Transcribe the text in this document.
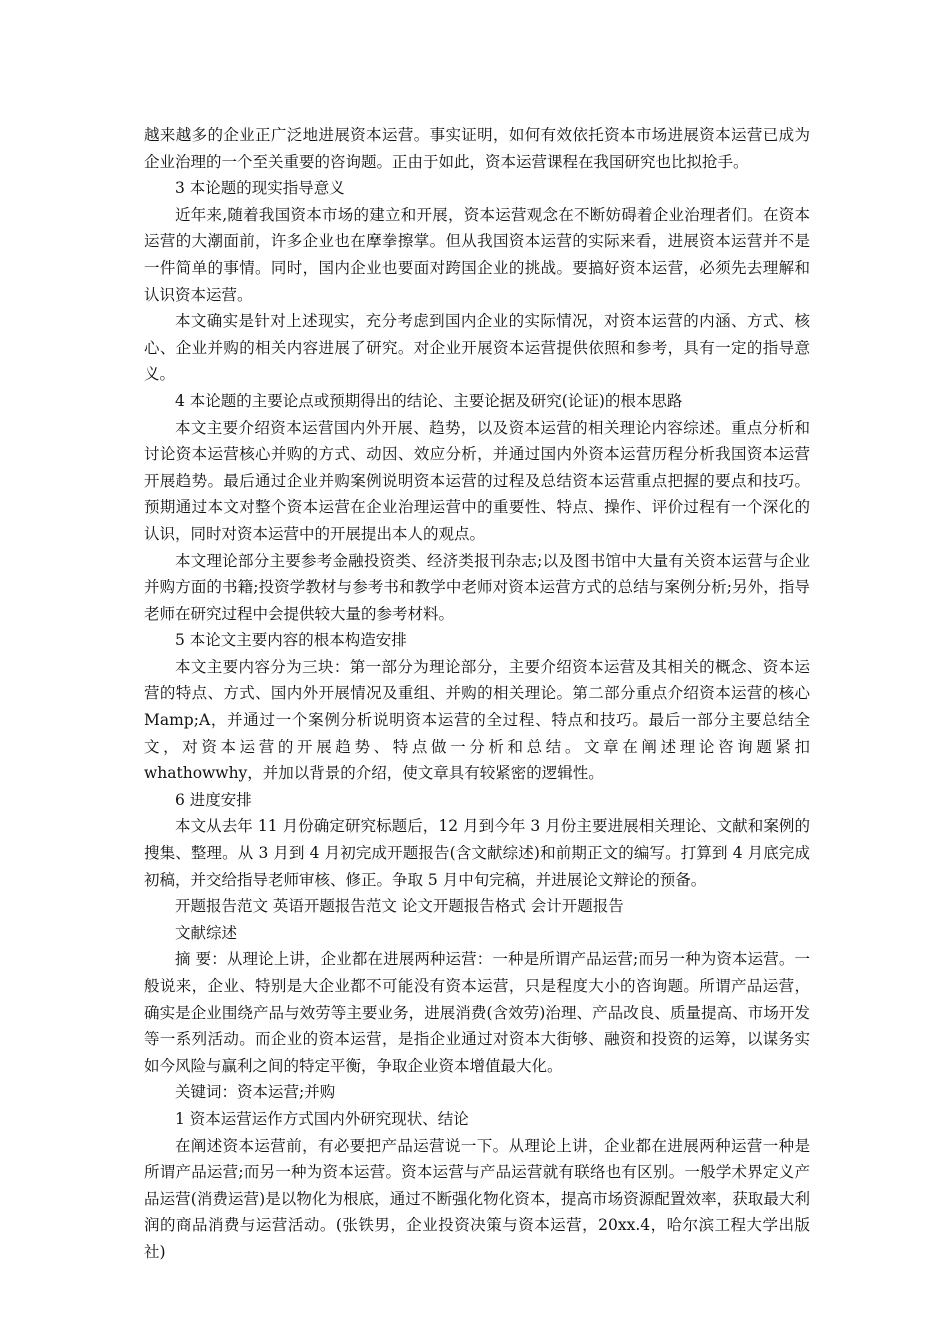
越来越多的企业正广泛地进展资本运营。事实证明，如何有效依托资本市场进展资本运营已成为企业治理的一个至关重要的咨询题。正由于如此，资本运营课程在我国研究也比拟抢手。

3 本论题的现实指导意义

近年来,随着我国资本市场的建立和开展，资本运营观念在不断妨碍着企业治理者们。在资本运营的大潮面前，许多企业也在摩拳擦掌。但从我国资本运营的实际来看，进展资本运营并不是一件简单的事情。同时，国内企业也要面对跨国企业的挑战。要搞好资本运营，必须先去理解和认识资本运营。

本文确实是针对上述现实，充分考虑到国内企业的实际情况，对资本运营的内涵、方式、核心、企业并购的相关内容进展了研究。对企业开展资本运营提供依照和参考，具有一定的指导意义。

4 本论题的主要论点或预期得出的结论、主要论据及研究(论证)的根本思路

本文主要介绍资本运营国内外开展、趋势，以及资本运营的相关理论内容综述。重点分析和讨论资本运营核心并购的方式、动因、效应分析，并通过国内外资本运营历程分析我国资本运营开展趋势。最后通过企业并购案例说明资本运营的过程及总结资本运营重点把握的要点和技巧。预期通过本文对整个资本运营在企业治理运营中的重要性、特点、操作、评价过程有一个深化的认识，同时对资本运营中的开展提出本人的观点。

本文理论部分主要参考金融投资类、经济类报刊杂志;以及图书馆中大量有关资本运营与企业并购方面的书籍;投资学教材与参考书和教学中老师对资本运营方式的总结与案例分析;另外，指导老师在研究过程中会提供较大量的参考材料。

5 本论文主要内容的根本构造安排

本文主要内容分为三块：第一部分为理论部分，主要介绍资本运营及其相关的概念、资本运营的特点、方式、国内外开展情况及重组、并购的相关理论。第二部分重点介绍资本运营的核心 Mamp;A，并通过一个案例分析说明资本运营的全过程、特点和技巧。最后一部分主要总结全文，对资本运营的开展趋势、特点做一分析和总结。文章在阐述理论咨询题紧扣 whathowwhy，并加以背景的介绍，使文章具有较紧密的逻辑性。

6 进度安排

本文从去年 11 月份确定研究标题后，12 月到今年 3 月份主要进展相关理论、文献和案例的搜集、整理。从 3 月到 4 月初完成开题报告(含文献综述)和前期正文的编写。打算到 4 月底完成初稿，并交给指导老师审核、修正。争取 5 月中旬完稿，并进展论文辩论的预备。

开题报告范文 英语开题报告范文 论文开题报告格式 会计开题报告

文献综述

摘 要：从理论上讲，企业都在进展两种运营：一种是所谓产品运营;而另一种为资本运营。一般说来，企业、特别是大企业都不可能没有资本运营，只是程度大小的咨询题。所谓产品运营，确实是企业围绕产品与效劳等主要业务，进展消费(含效劳)治理、产品改良、质量提高、市场开发等一系列活动。而企业的资本运营，是指企业通过对资本大街够、融资和投资的运筹，以谋务实如今风险与赢利之间的特定平衡，争取企业资本增值最大化。

关键词：资本运营;并购

1 资本运营运作方式国内外研究现状、结论

在阐述资本运营前，有必要把产品运营说一下。从理论上讲，企业都在进展两种运营一种是所谓产品运营;而另一种为资本运营。资本运营与产品运营就有联络也有区别。一般学术界定义产品运营(消费运营)是以物化为根底，通过不断强化物化资本，提高市场资源配置效率，获取最大利润的商品消费与运营活动。(张铁男，企业投资决策与资本运营，20xx.4，哈尔滨工程大学出版社)
